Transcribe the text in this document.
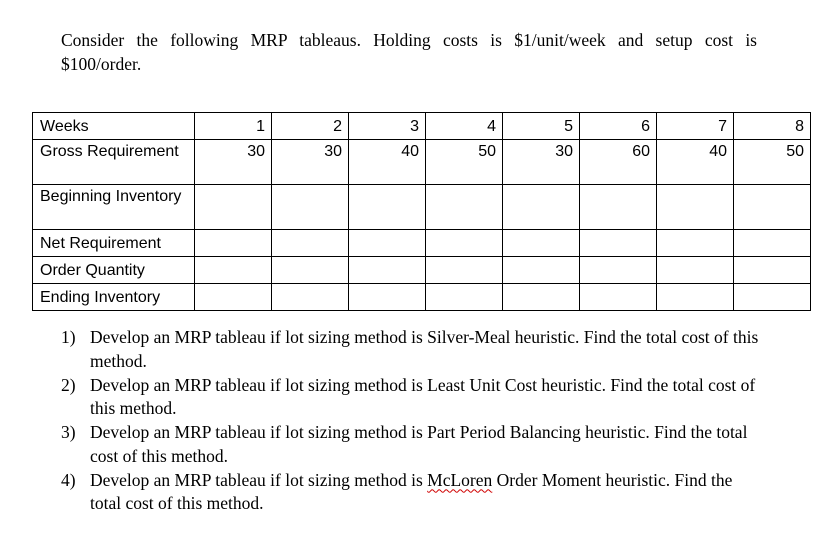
Consider the following MRP tableaus. Holding costs is $1/unit/week and setup cost is
$100/order.

Weeks	1	2	3	4	5	6	7	8
Gross Requirement	30	30	40	50	30	60	40	50
Beginning Inventory								
Net Requirement								
Order Quantity								
Ending Inventory								
1) Develop an MRP tableau if lot sizing method is Silver-Meal heuristic. Find the total cost of this method.
2) Develop an MRP tableau if lot sizing method is Least Unit Cost heuristic. Find the total cost of this method.
3) Develop an MRP tableau if lot sizing method is Part Period Balancing heuristic. Find the total cost of this method.
4) Develop an MRP tableau if lot sizing method is McLoren Order Moment heuristic. Find the total cost of this method.
